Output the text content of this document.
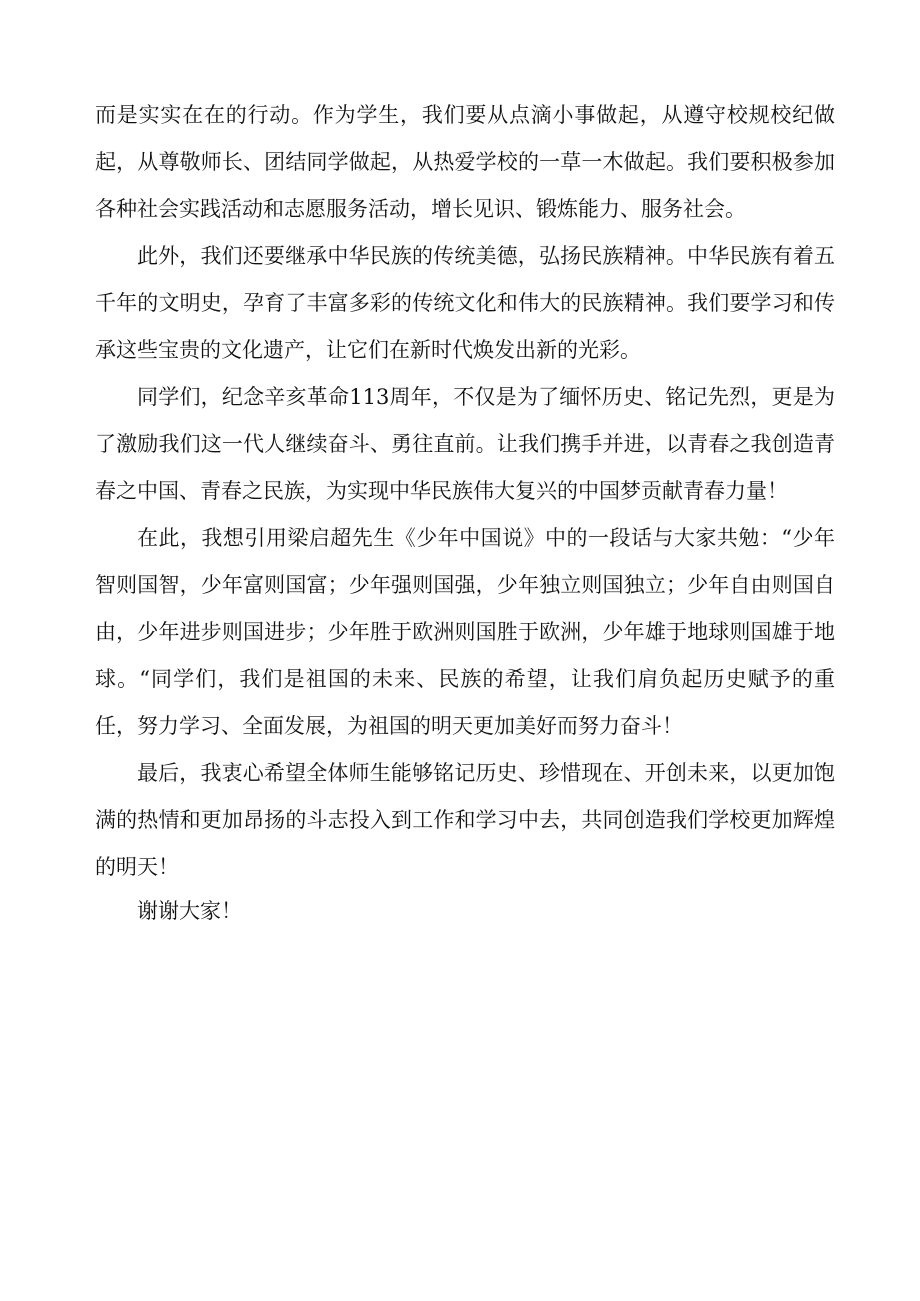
而是实实在在的行动。作为学生，我们要从点滴小事做起，从遵守校规校纪做起，从尊敬师长、团结同学做起，从热爱学校的一草一木做起。我们要积极参加各种社会实践活动和志愿服务活动，增长见识、锻炼能力、服务社会。

此外，我们还要继承中华民族的传统美德，弘扬民族精神。中华民族有着五千年的文明史，孕育了丰富多彩的传统文化和伟大的民族精神。我们要学习和传承这些宝贵的文化遗产，让它们在新时代焕发出新的光彩。

同学们，纪念辛亥革命113周年，不仅是为了缅怀历史、铭记先烈，更是为了激励我们这一代人继续奋斗、勇往直前。让我们携手并进，以青春之我创造青春之中国、青春之民族，为实现中华民族伟大复兴的中国梦贡献青春力量！

在此，我想引用梁启超先生《少年中国说》中的一段话与大家共勉：“少年智则国智，少年富则国富；少年强则国强，少年独立则国独立；少年自由则国自由，少年进步则国进步；少年胜于欧洲则国胜于欧洲，少年雄于地球则国雄于地球。“同学们，我们是祖国的未来、民族的希望，让我们肩负起历史赋予的重任，努力学习、全面发展，为祖国的明天更加美好而努力奋斗！

最后，我衷心希望全体师生能够铭记历史、珍惜现在、开创未来，以更加饱满的热情和更加昂扬的斗志投入到工作和学习中去，共同创造我们学校更加辉煌的明天！

谢谢大家！
